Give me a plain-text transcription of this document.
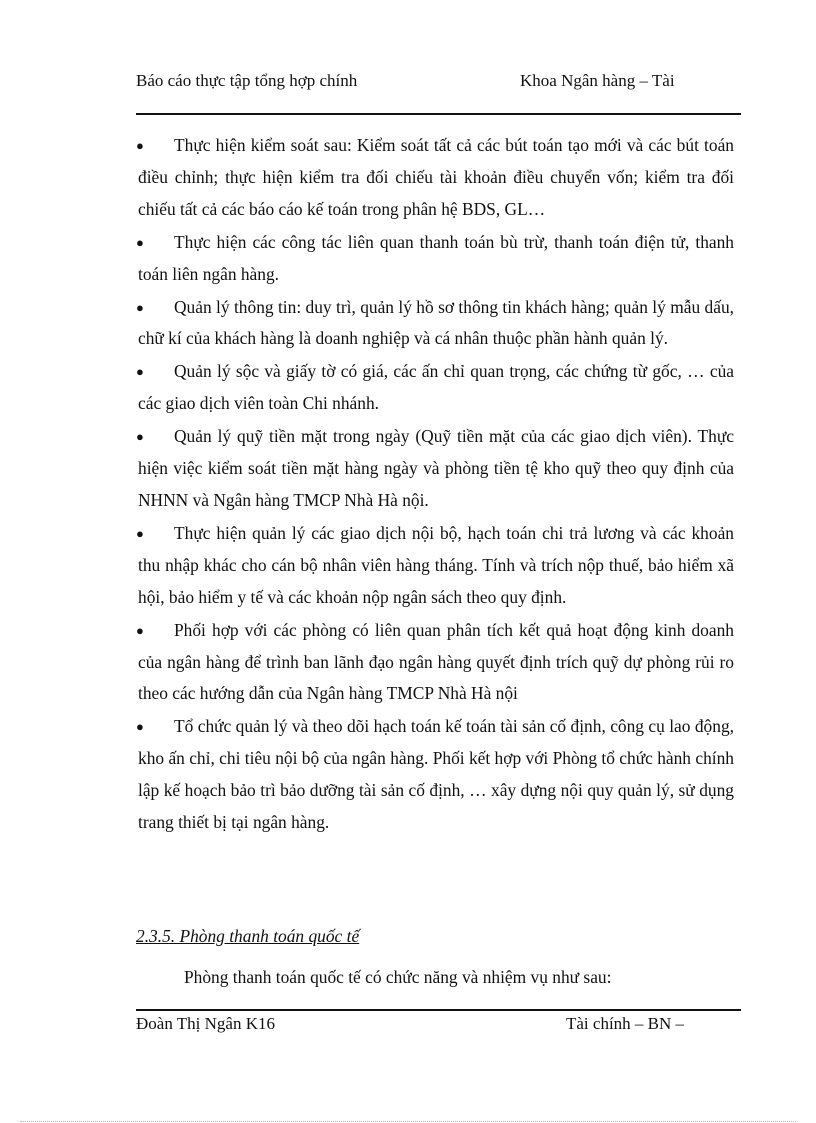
Báo cáo thực tập tổng hợp chính	Khoa Ngân hàng – Tài

● Thực hiện kiểm soát sau: Kiểm soát tất cả các bút toán tạo mới và các bút toán điều chỉnh; thực hiện kiểm tra đối chiếu tài khoản điều chuyển vốn; kiểm tra đối chiếu tất cả các báo cáo kế toán trong phân hệ BDS, GL…

● Thực hiện các công tác liên quan thanh toán bù trừ, thanh toán điện tử, thanh toán liên ngân hàng.

● Quản lý thông tin: duy trì, quản lý hồ sơ thông tin khách hàng; quản lý mẫu dấu, chữ kí của khách hàng là doanh nghiệp và cá nhân thuộc phần hành quản lý.

● Quản lý sộc và giấy tờ có giá, các ấn chỉ quan trọng, các chứng từ gốc, … của các giao dịch viên toàn Chi nhánh.

● Quản lý quỹ tiền mặt trong ngày (Quỹ tiền mặt của các giao dịch viên). Thực hiện việc kiểm soát tiền mặt hàng ngày và phòng tiền tệ kho quỹ theo quy định của NHNN và Ngân hàng TMCP Nhà Hà nội.

● Thực hiện quản lý các giao dịch nội bộ, hạch toán chi trả lương và các khoản thu nhập khác cho cán bộ nhân viên hàng tháng. Tính và trích nộp thuế, bảo hiểm xã hội, bảo hiểm y tế và các khoản nộp ngân sách theo quy định.

● Phối hợp với các phòng có liên quan phân tích kết quả hoạt động kinh doanh của ngân hàng để trình ban lãnh đạo ngân hàng quyết định trích quỹ dự phòng rủi ro theo các hướng dẫn của Ngân hàng TMCP Nhà Hà nội

● Tổ chức quản lý và theo dõi hạch toán kế toán tài sản cố định, công cụ lao động, kho ấn chỉ, chi tiêu nội bộ của ngân hàng. Phối kết hợp với Phòng tổ chức hành chính lập kế hoạch bảo trì bảo dưỡng tài sản cố định, … xây dựng nội quy quản lý, sử dụng trang thiết bị tại ngân hàng.

2.3.5. Phòng thanh toán quốc tế
Phòng thanh toán quốc tế có chức năng và nhiệm vụ như sau:
Đoàn Thị Ngân K16	Tài chính – BN –
